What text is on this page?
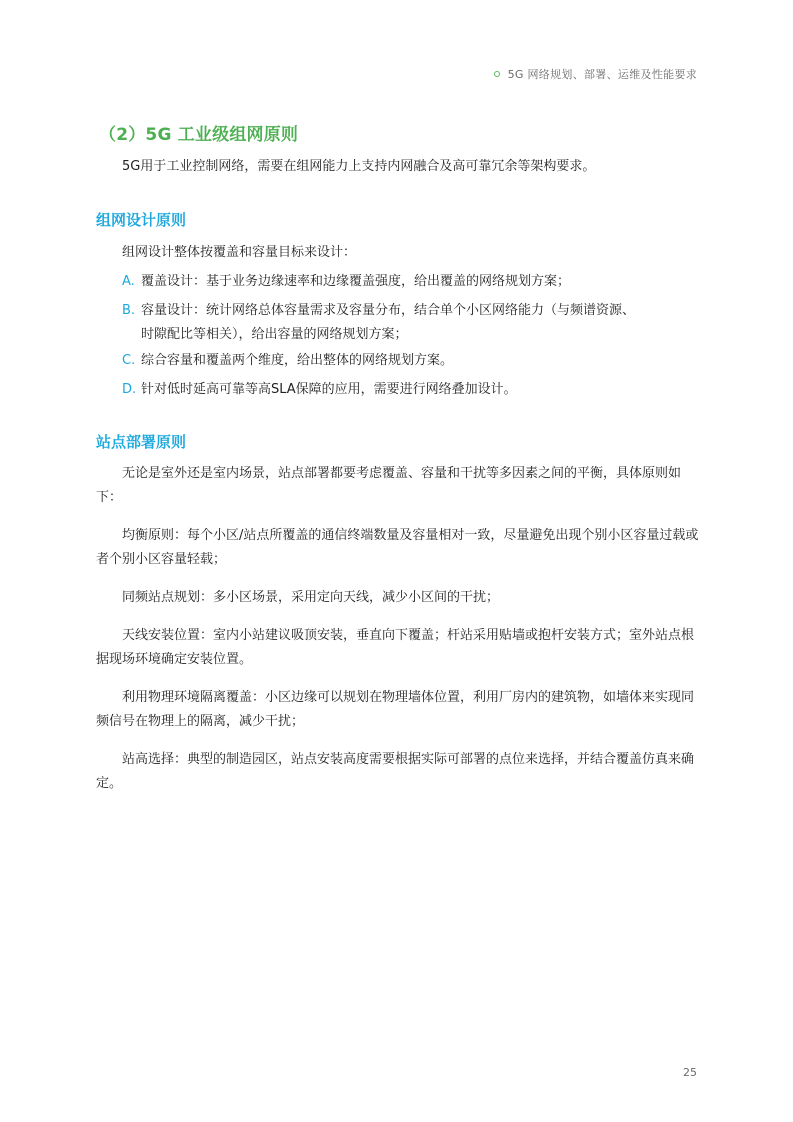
5G 网络规划、部署、运维及性能要求
（2）5G 工业级组网原则
5G用于工业控制网络，需要在组网能力上支持内网融合及高可靠冗余等架构要求。
组网设计原则
组网设计整体按覆盖和容量目标来设计：
A. 覆盖设计：基于业务边缘速率和边缘覆盖强度，给出覆盖的网络规划方案；
B. 容量设计：统计网络总体容量需求及容量分布，结合单个小区网络能力（与频谱资源、
时隙配比等相关），给出容量的网络规划方案；
C. 综合容量和覆盖两个维度，给出整体的网络规划方案。
D. 针对低时延高可靠等高SLA保障的应用，需要进行网络叠加设计。
站点部署原则
无论是室外还是室内场景，站点部署都要考虑覆盖、容量和干扰等多因素之间的平衡，具体原则如下：
均衡原则：每个小区/站点所覆盖的通信终端数量及容量相对一致，尽量避免出现个别小区容量过载或者个别小区容量轻载；
同频站点规划：多小区场景，采用定向天线，减少小区间的干扰；
天线安装位置：室内小站建议吸顶安装，垂直向下覆盖；杆站采用贴墙或抱杆安装方式；室外站点根据现场环境确定安装位置。
利用物理环境隔离覆盖：小区边缘可以规划在物理墙体位置，利用厂房内的建筑物，如墙体来实现同频信号在物理上的隔离，减少干扰；
站高选择：典型的制造园区，站点安装高度需要根据实际可部署的点位来选择，并结合覆盖仿真来确定。
25
